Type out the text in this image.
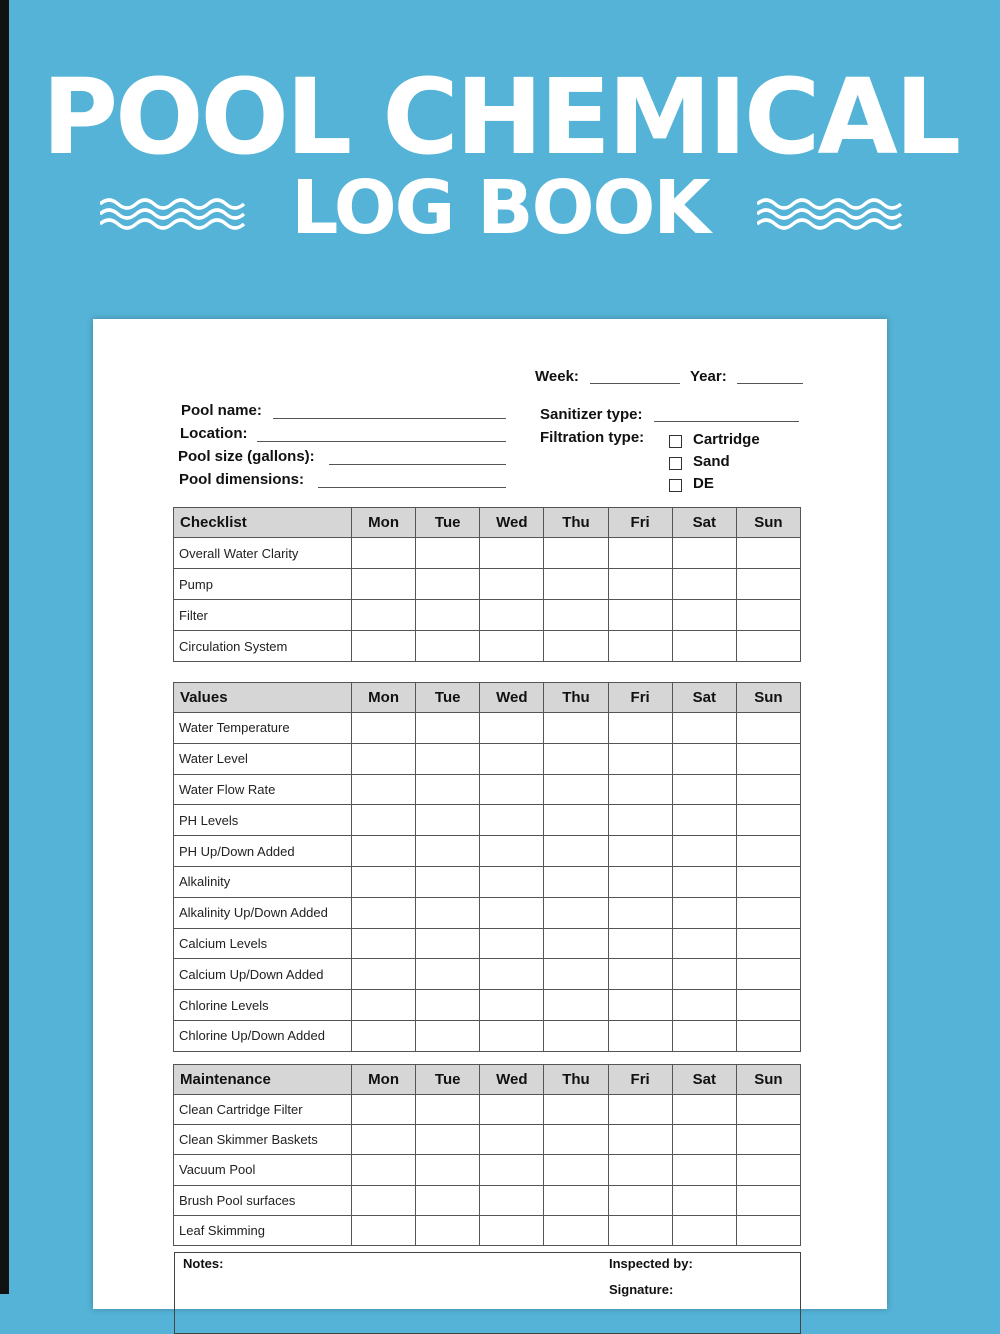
POOL CHEMICAL
LOG BOOK
Week:	Year:
Pool name:
Location:
Pool size (gallons):
Pool dimensions:
Sanitizer type:
Filtration type:	Cartridge
Sand
DE
Checklist	Mon	Tue	Wed	Thu	Fri	Sat	Sun
Overall Water Clarity							
Pump							
Filter							
Circulation System							
Values	Mon	Tue	Wed	Thu	Fri	Sat	Sun
Water Temperature							
Water Level							
Water Flow Rate							
PH Levels							
PH Up/Down Added							
Alkalinity							
Alkalinity Up/Down Added							
Calcium Levels							
Calcium Up/Down Added							
Chlorine Levels							
Chlorine Up/Down Added							
Maintenance	Mon	Tue	Wed	Thu	Fri	Sat	Sun
Clean Cartridge Filter							
Clean Skimmer Baskets							
Vacuum Pool							
Brush Pool surfaces							
Leaf Skimming							
Notes:	Inspected by:
Signature:
